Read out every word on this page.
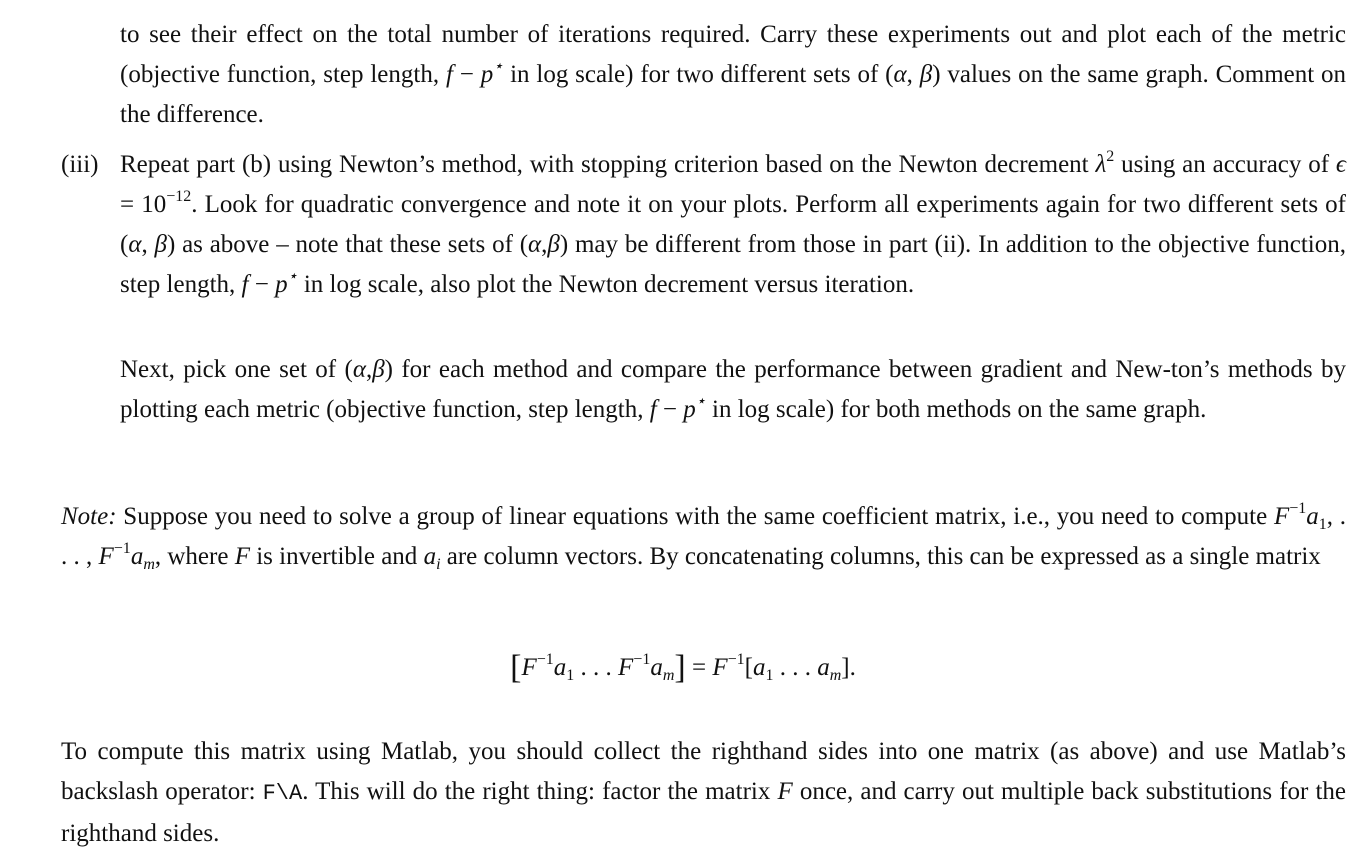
to see their effect on the total number of iterations required. Carry these experiments out and plot each of the metric (objective function, step length, f − p⋆ in log scale) for two different sets of (α, β) values on the same graph. Comment on the difference.

(iii) Repeat part (b) using Newton’s method, with stopping criterion based on the Newton decrement $\lambda^2$ using an accuracy of $\epsilon = 10^{-12}$. Look for quadratic convergence and note it on your plots. Perform all experiments again for two different sets of (α, β) as above – note that these sets of (α,β) may be different from those in part (ii). In addition to the objective function, step length, f − p⋆ in log scale, also plot the Newton decrement versus iteration.

Next, pick one set of (α,β) for each method and compare the performance between gradient and New-ton’s methods by plotting each metric (objective function, step length, f − p⋆ in log scale) for both methods on the same graph.

Note: Suppose you need to solve a group of linear equations with the same coefficient matrix, i.e., you need to compute $F^{-1}a_1$, . . . , $F^{-1}a_m$, where F is invertible and $a_i$ are column vectors. By concatenating columns, this can be expressed as a single matrix

[$F^{-1}a_1$ . . . $F^{-1}a_m] = F^{-1}[a_1$ . . . $a_m$].

To compute this matrix using Matlab, you should collect the righthand sides into one matrix (as above) and use Matlab’s backslash operator: F\A. This will do the right thing: factor the matrix F once, and carry out multiple back substitutions for the righthand sides.
